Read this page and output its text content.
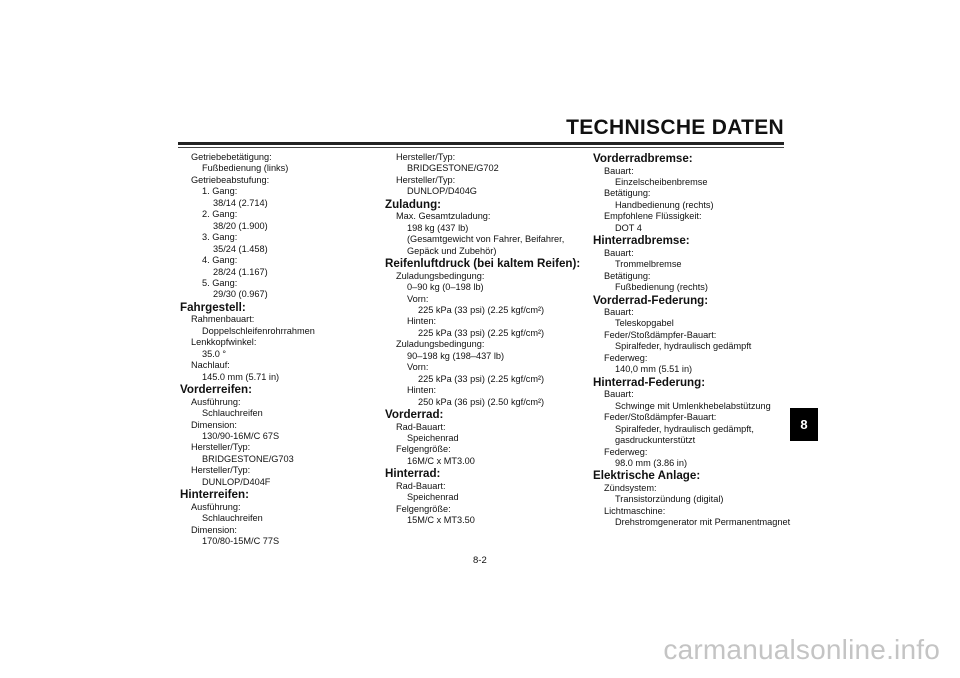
TECHNISCHE DATEN
Getriebebetätigung:
Fußbedienung (links)
Getriebeabstufung:
1. Gang:
38/14 (2.714)
2. Gang:
38/20 (1.900)
3. Gang:
35/24 (1.458)
4. Gang:
28/24 (1.167)
5. Gang:
29/30 (0.967)
Fahrgestell:
Rahmenbauart:
Doppelschleifenrohrrahmen
Lenkkopfwinkel:
35.0 °
Nachlauf:
145.0 mm (5.71 in)
Vorderreifen:
Ausführung:
Schlauchreifen
Dimension:
130/90-16M/C 67S
Hersteller/Typ:
BRIDGESTONE/G703
Hersteller/Typ:
DUNLOP/D404F
Hinterreifen:
Ausführung:
Schlauchreifen
Dimension:
170/80-15M/C 77S
Hersteller/Typ:
BRIDGESTONE/G702
Hersteller/Typ:
DUNLOP/D404G
Zuladung:
Max. Gesamtzuladung:
198 kg (437 lb)
(Gesamtgewicht von Fahrer, Beifahrer,
Gepäck und Zubehör)
Reifenluftdruck (bei kaltem Reifen):
Zuladungsbedingung:
0–90 kg (0–198 lb)
Vorn:
225 kPa (33 psi) (2.25 kgf/cm²)
Hinten:
225 kPa (33 psi) (2.25 kgf/cm²)
Zuladungsbedingung:
90–198 kg (198–437 lb)
Vorn:
225 kPa (33 psi) (2.25 kgf/cm²)
Hinten:
250 kPa (36 psi) (2.50 kgf/cm²)
Vorderrad:
Rad-Bauart:
Speichenrad
Felgengröße:
16M/C x MT3.00
Hinterrad:
Rad-Bauart:
Speichenrad
Felgengröße:
15M/C x MT3.50
Vorderradbremse:
Bauart:
Einzelscheibenbremse
Betätigung:
Handbedienung (rechts)
Empfohlene Flüssigkeit:
DOT 4
Hinterradbremse:
Bauart:
Trommelbremse
Betätigung:
Fußbedienung (rechts)
Vorderrad-Federung:
Bauart:
Teleskopgabel
Feder/Stoßdämpfer-Bauart:
Spiralfeder, hydraulisch gedämpft
Federweg:
140,0 mm (5.51 in)
Hinterrad-Federung:
Bauart:
Schwinge mit Umlenkhebelabstützung
Feder/Stoßdämpfer-Bauart:
Spiralfeder, hydraulisch gedämpft,
gasdruckunterstützt
Federweg:
98.0 mm (3.86 in)
Elektrische Anlage:
Zündsystem:
Transistorzündung (digital)
Lichtmaschine:
Drehstromgenerator mit Permanentmagnet
8
8-2
carmanualsonline.info
